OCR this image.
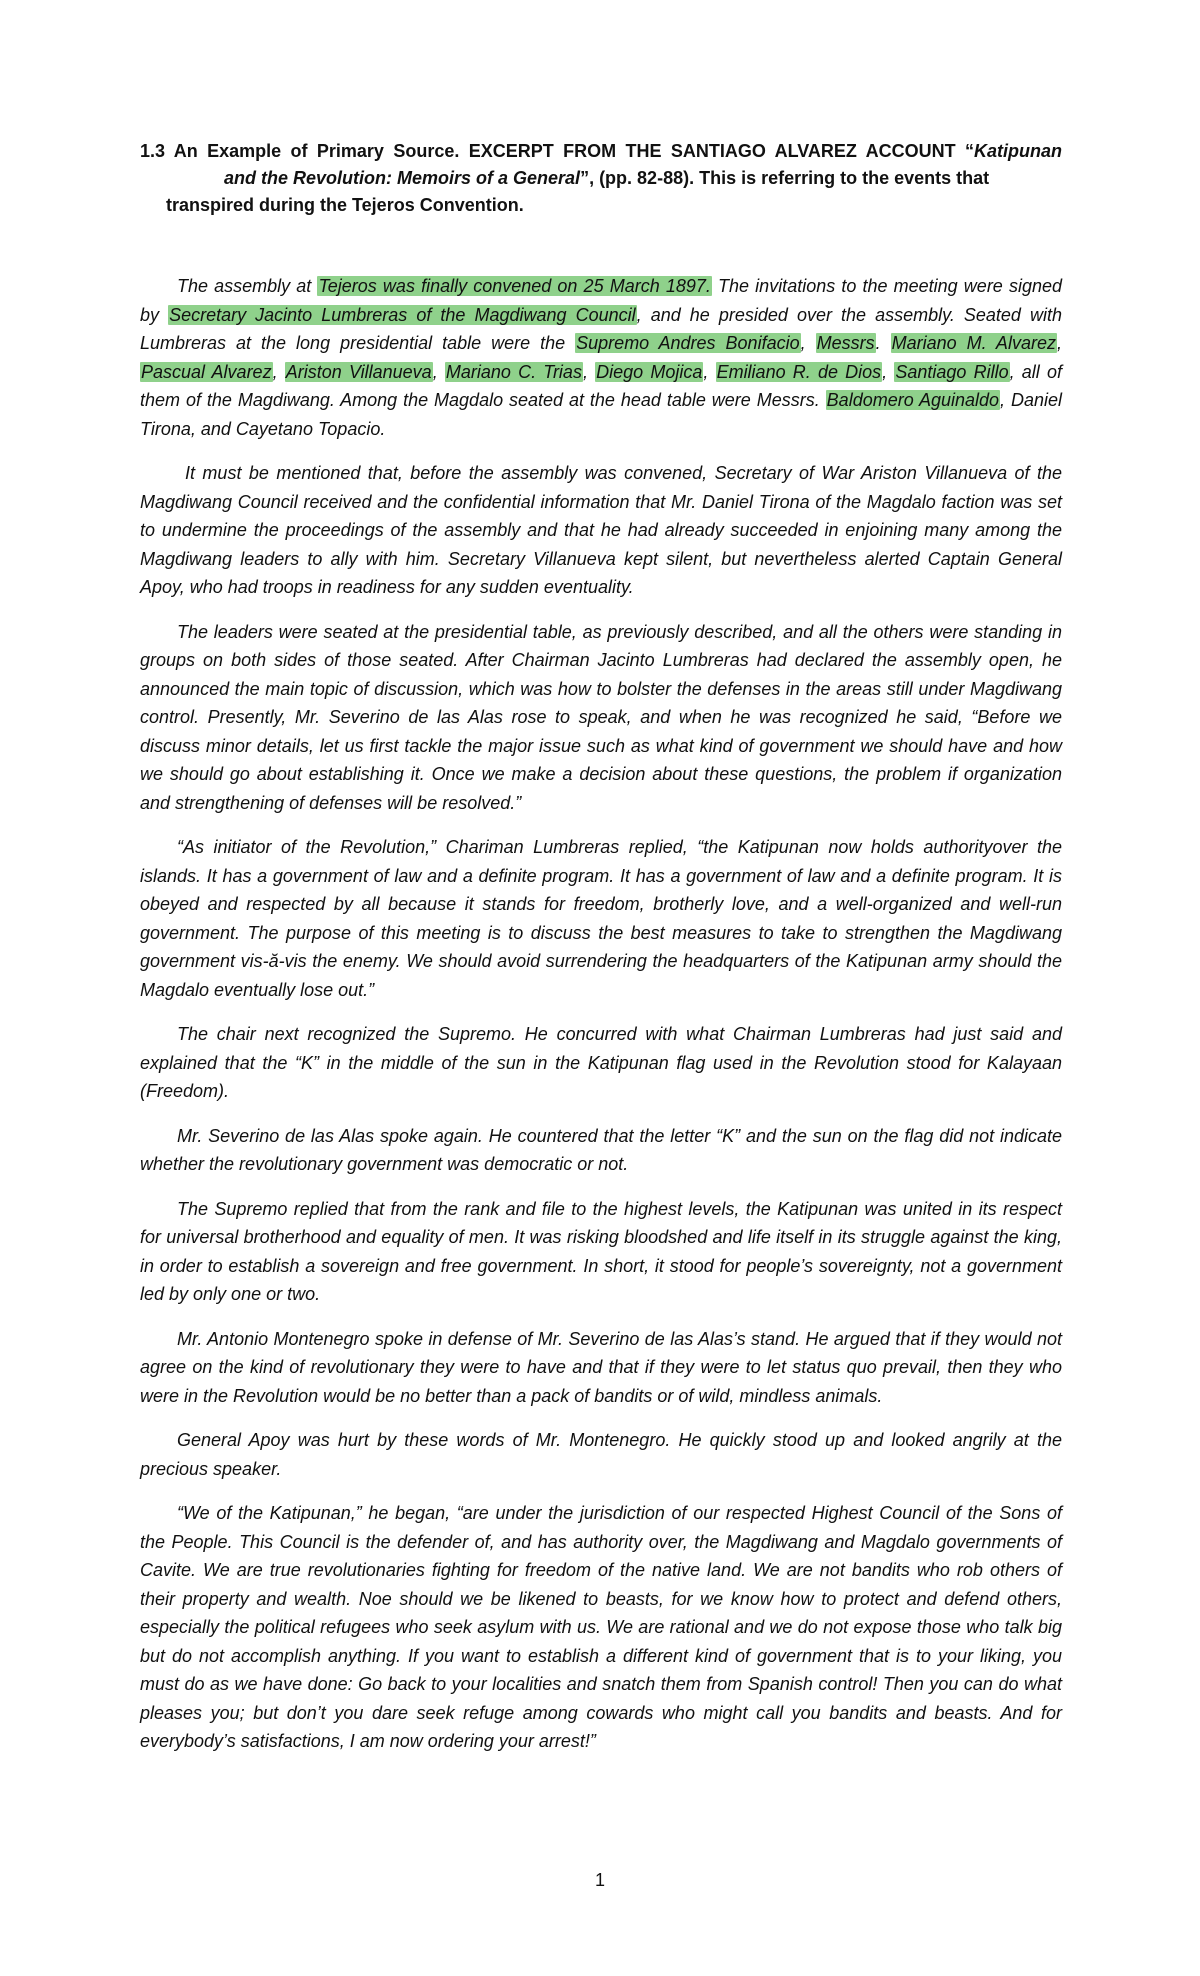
1.3 An Example of Primary Source. EXCERPT FROM THE SANTIAGO ALVAREZ ACCOUNT “Katipunan
and the Revolution: Memoirs of a General”, (pp. 82-88). This is referring to the events that
transpired during the Tejeros Convention.

The assembly at Tejeros was finally convened on 25 March 1897. The invitations to the meeting were signed by Secretary Jacinto Lumbreras of the Magdiwang Council, and he presided over the assembly. Seated with Lumbreras at the long presidential table were the Supremo Andres Bonifacio, Messrs. Mariano M. Alvarez, Pascual Alvarez, Ariston Villanueva, Mariano C. Trias, Diego Mojica, Emiliano R. de Dios, Santiago Rillo, all of them of the Magdiwang. Among the Magdalo seated at the head table were Messrs. Baldomero Aguinaldo, Daniel Tirona, and Cayetano Topacio.

It must be mentioned that, before the assembly was convened, Secretary of War Ariston Villanueva of the Magdiwang Council received and the confidential information that Mr. Daniel Tirona of the Magdalo faction was set to undermine the proceedings of the assembly and that he had already succeeded in enjoining many among the Magdiwang leaders to ally with him. Secretary Villanueva kept silent, but nevertheless alerted Captain General Apoy, who had troops in readiness for any sudden eventuality.

The leaders were seated at the presidential table, as previously described, and all the others were standing in groups on both sides of those seated. After Chairman Jacinto Lumbreras had declared the assembly open, he announced the main topic of discussion, which was how to bolster the defenses in the areas still under Magdiwang control. Presently, Mr. Severino de las Alas rose to speak, and when he was recognized he said, “Before we discuss minor details, let us first tackle the major issue such as what kind of government we should have and how we should go about establishing it. Once we make a decision about these questions, the problem if organization and strengthening of defenses will be resolved.”

“As initiator of the Revolution,” Chariman Lumbreras replied, “the Katipunan now holds authorityover the islands. It has a government of law and a definite program. It has a government of law and a definite program. It is obeyed and respected by all because it stands for freedom, brotherly love, and a well-organized and well-run government. The purpose of this meeting is to discuss the best measures to take to strengthen the Magdiwang government vis-ă-vis the enemy. We should avoid surrendering the headquarters of the Katipunan army should the Magdalo eventually lose out.”

The chair next recognized the Supremo. He concurred with what Chairman Lumbreras had just said and explained that the “K” in the middle of the sun in the Katipunan flag used in the Revolution stood for Kalayaan (Freedom).

Mr. Severino de las Alas spoke again. He countered that the letter “K” and the sun on the flag did not indicate whether the revolutionary government was democratic or not.

The Supremo replied that from the rank and file to the highest levels, the Katipunan was united in its respect for universal brotherhood and equality of men. It was risking bloodshed and life itself in its struggle against the king, in order to establish a sovereign and free government. In short, it stood for people’s sovereignty, not a government led by only one or two.

Mr. Antonio Montenegro spoke in defense of Mr. Severino de las Alas’s stand. He argued that if they would not agree on the kind of revolutionary they were to have and that if they were to let status quo prevail, then they who were in the Revolution would be no better than a pack of bandits or of wild, mindless animals.

General Apoy was hurt by these words of Mr. Montenegro. He quickly stood up and looked angrily at the precious speaker.

“We of the Katipunan,” he began, “are under the jurisdiction of our respected Highest Council of the Sons of the People. This Council is the defender of, and has authority over, the Magdiwang and Magdalo governments of Cavite. We are true revolutionaries fighting for freedom of the native land. We are not bandits who rob others of their property and wealth. Noe should we be likened to beasts, for we know how to protect and defend others, especially the political refugees who seek asylum with us. We are rational and we do not expose those who talk big but do not accomplish anything. If you want to establish a different kind of government that is to your liking, you must do as we have done: Go back to your localities and snatch them from Spanish control! Then you can do what pleases you; but don’t you dare seek refuge among cowards who might call you bandits and beasts. And for everybody’s satisfactions, I am now ordering your arrest!”

1
